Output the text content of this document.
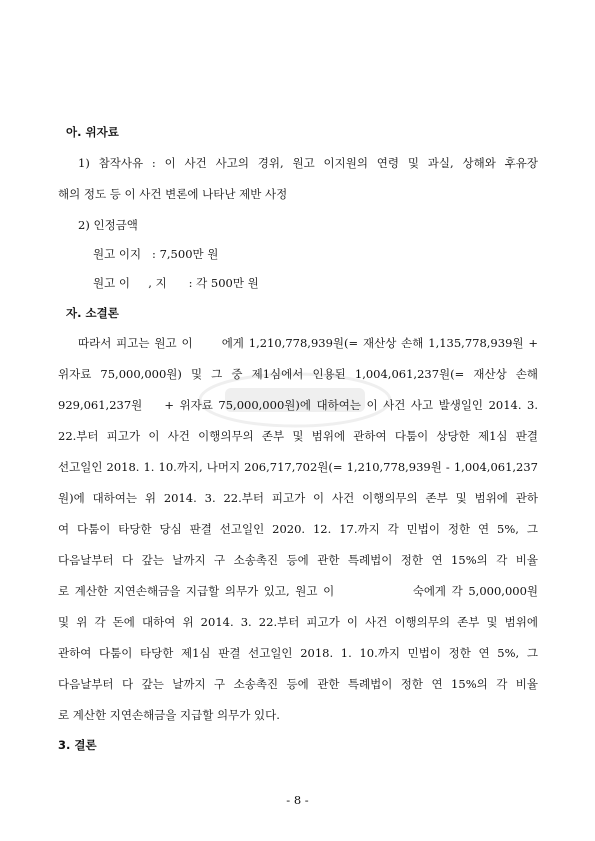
아. 위자료
1) 참작사유 : 이 사건 사고의 경위, 원고 이지원의 연령 및 과실, 상해와 후유장
해의 정도 등 이 사건 변론에 나타난 제반 사정
2) 인정금액
원고 이지   : 7,500만 원
원고 이     , 지      : 각 500만 원
자. 소결론
따라서 피고는 원고 이      에게 1,210,778,939원(= 재산상 손해 1,135,778,939원 +
위자료 75,000,000원) 및 그 중 제1심에서 인용된 1,004,061,237원(= 재산상 손해
929,061,237원    + 위자료 75,000,000원)에 대하여는 이 사건 사고 발생일인 2014. 3.
22.부터 피고가 이 사건 이행의무의 존부 및 범위에 관하여 다툼이 상당한 제1심 판결
선고일인 2018. 1. 10.까지, 나머지 206,717,702원(= 1,210,778,939원 - 1,004,061,237
원)에 대하여는 위 2014. 3. 22.부터 피고가 이 사건 이행의무의 존부 및 범위에 관하
여 다툼이 타당한 당심 판결 선고일인 2020. 12. 17.까지 각 민법이 정한 연 5%, 그
다음날부터 다 갚는 날까지 구 소송촉진 등에 관한 특례법이 정한 연 15%의 각 비율
로 계산한 지연손해금을 지급할 의무가 있고, 원고 이              숙에게 각 5,000,000원
및 위 각 돈에 대하여 위 2014. 3. 22.부터 피고가 이 사건 이행의무의 존부 및 범위에
관하여 다툼이 타당한 제1심 판결 선고일인 2018. 1. 10.까지 민법이 정한 연 5%, 그
다음날부터 다 갚는 날까지 구 소송촉진 등에 관한 특례법이 정한 연 15%의 각 비율
로 계산한 지연손해금을 지급할 의무가 있다.
3. 결론
- 8 -
